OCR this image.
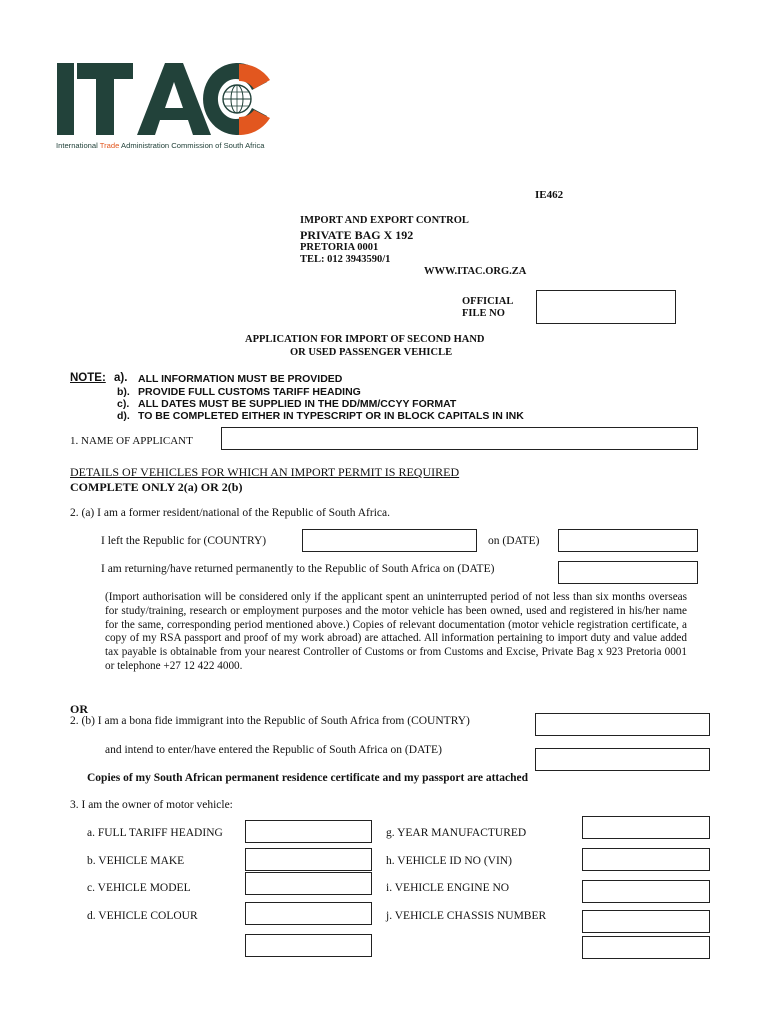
International Trade Administration Commission of South Africa
IE462
IMPORT AND EXPORT CONTROL
PRIVATE BAG X 192
PRETORIA 0001
TEL: 012 3943590/1
WWW.ITAC.ORG.ZA
OFFICIAL
FILE NO
APPLICATION FOR IMPORT OF SECOND HAND
OR USED PASSENGER VEHICLE
NOTE: a). ALL INFORMATION MUST BE PROVIDED
b). PROVIDE FULL CUSTOMS TARIFF HEADING
c). ALL DATES MUST BE SUPPLIED IN THE DD/MM/CCYY FORMAT
d). TO BE COMPLETED EITHER IN TYPESCRIPT OR IN BLOCK CAPITALS IN INK
1. NAME OF APPLICANT
DETAILS OF VEHICLES FOR WHICH AN IMPORT PERMIT IS REQUIRED
COMPLETE ONLY 2(a) OR 2(b)
2. (a) I am a former resident/national of the Republic of South Africa.
I left the Republic for (COUNTRY)	on (DATE)
I am returning/have returned permanently to the Republic of South Africa on (DATE)
(Import authorisation will be considered only if the applicant spent an uninterrupted period of not less than six months overseas for study/training, research or employment purposes and the motor vehicle has been owned, used and registered in his/her name for the same, corresponding period mentioned above.) Copies of relevant documentation (motor vehicle registration certificate, a copy of my RSA passport and proof of my work abroad) are attached. All information pertaining to import duty and value added tax payable is obtainable from your nearest Controller of Customs or from Customs and Excise, Private Bag x 923 Pretoria 0001 or telephone +27 12 422 4000.
OR
2. (b) I am a bona fide immigrant into the Republic of South Africa from (COUNTRY)
and intend to enter/have entered the Republic of South Africa on (DATE)
Copies of my South African permanent residence certificate and my passport are attached
3. I am the owner of motor vehicle:
a. FULL TARIFF HEADING	g. YEAR MANUFACTURED
b. VEHICLE MAKE	h. VEHICLE ID NO (VIN)
c. VEHICLE MODEL	i. VEHICLE ENGINE NO
d. VEHICLE COLOUR	j. VEHICLE CHASSIS NUMBER
